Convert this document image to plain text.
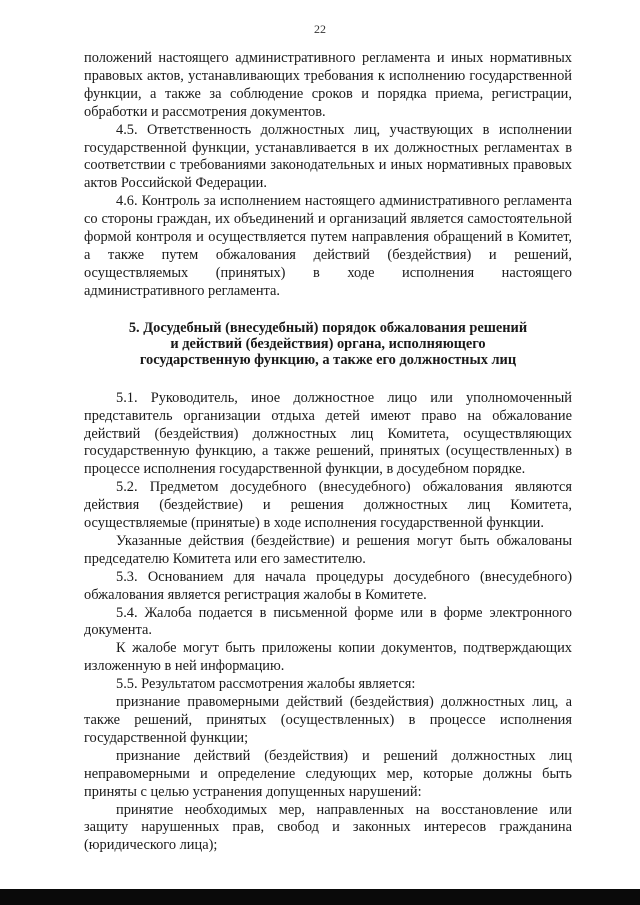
22

положений настоящего административного регламента и иных нормативных правовых актов, устанавливающих требования к исполнению государственной функции, а также за соблюдение сроков и порядка приема, регистрации, обработки и рассмотрения документов.

4.5. Ответственность должностных лиц, участвующих в исполнении государственной функции, устанавливается в их должностных регламентах в соответствии с требованиями законодательных и иных нормативных правовых актов Российской Федерации.

4.6. Контроль за исполнением настоящего административного регламента со стороны граждан, их объединений и организаций является самостоятельной формой контроля и осуществляется путем направления обращений в Комитет, а также путем обжалования действий (бездействия) и решений, осуществляемых (принятых) в ходе исполнения настоящего административного регламента.

5. Досудебный (внесудебный) порядок обжалования решений
и действий (бездействия) органа, исполняющего
государственную функцию, а также его должностных лиц

5.1. Руководитель, иное должностное лицо или уполномоченный представитель организации отдыха детей имеют право на обжалование действий (бездействия) должностных лиц Комитета, осуществляющих государственную функцию, а также решений, принятых (осуществленных) в процессе исполнения государственной функции, в досудебном порядке.

5.2. Предметом досудебного (внесудебного) обжалования являются действия (бездействие) и решения должностных лиц Комитета, осуществляемые (принятые) в ходе исполнения государственной функции.

Указанные действия (бездействие) и решения могут быть обжалованы председателю Комитета или его заместителю.

5.3. Основанием для начала процедуры досудебного (внесудебного) обжалования является регистрация жалобы в Комитете.

5.4. Жалоба подается в письменной форме или в форме электронного документа.

К жалобе могут быть приложены копии документов, подтверждающих изложенную в ней информацию.

5.5. Результатом рассмотрения жалобы является:

признание правомерными действий (бездействия) должностных лиц, а также решений, принятых (осуществленных) в процессе исполнения государственной функции;

признание действий (бездействия) и решений должностных лиц неправомерными и определение следующих мер, которые должны быть приняты с целью устранения допущенных нарушений:

принятие необходимых мер, направленных на восстановление или защиту нарушенных прав, свобод и законных интересов гражданина (юридического лица);
